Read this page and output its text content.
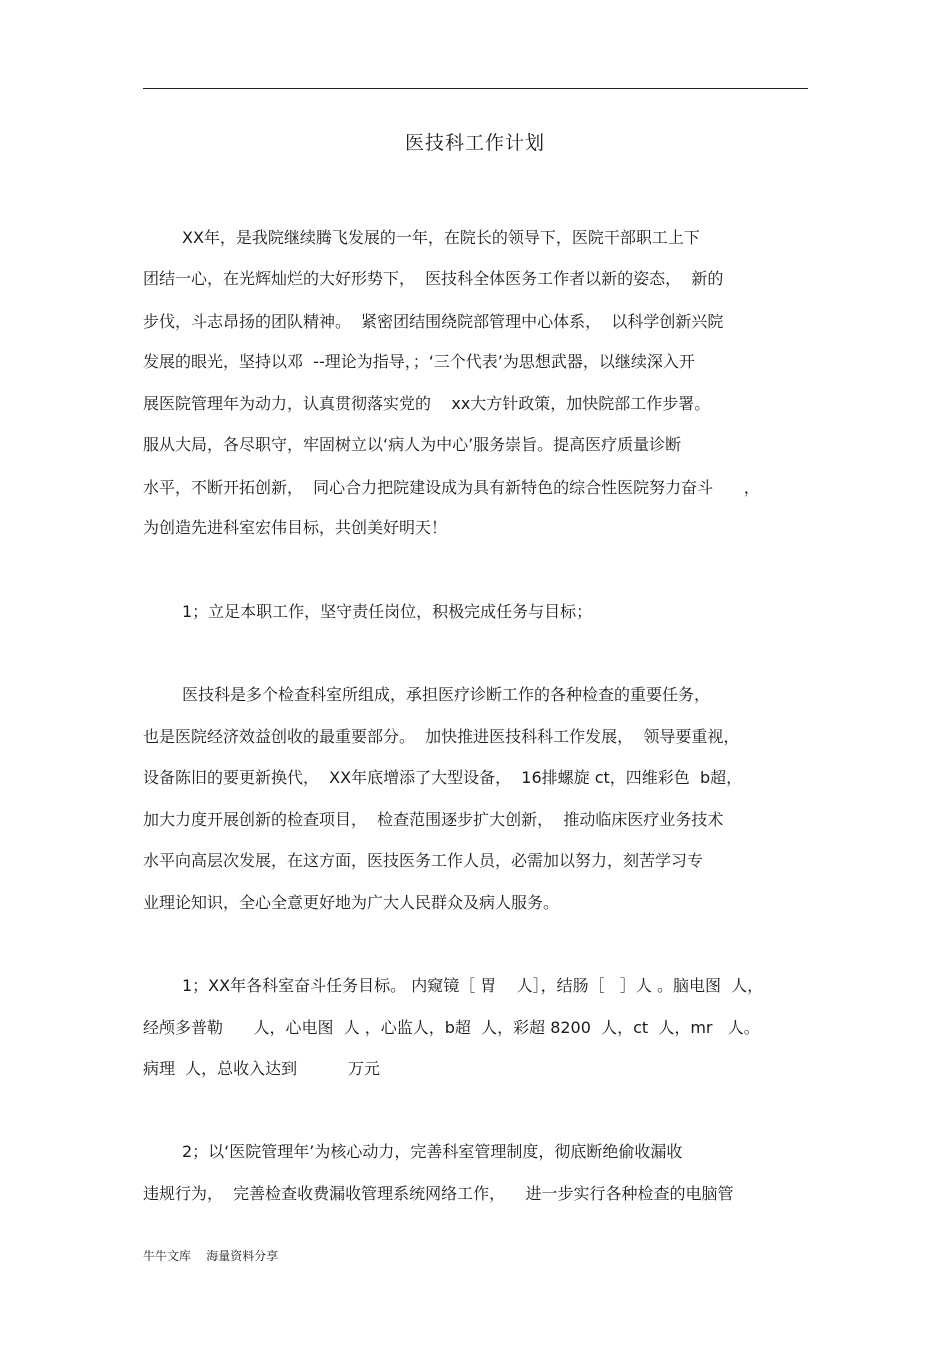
医技科工作计划
XX年，是我院继续腾飞发展的一年，在院长的领导下，医院干部职工上下
团结一心，在光辉灿烂的大好形势下，  医技科全体医务工作者以新的姿态，  新的
步伐，斗志昂扬的团队精神。  紧密团结围绕院部管理中心体系，  以科学创新兴院
发展的眼光，坚持以邓  --理论为指导，；‘三个代表’为思想武器，以继续深入开
展医院管理年为动力，认真贯彻落实党的    xx大方针政策，加快院部工作步署。
服从大局，各尽职守，牢固树立以‘病人为中心’服务崇旨。提高医疗质量诊断
水平，不断开拓创新，  同心合力把院建设成为具有新特色的综合性医院努力奋斗      ，
为创造先进科室宏伟目标，共创美好明天！
1；立足本职工作，坚守责任岗位，积极完成任务与目标；
医技科是多个检查科室所组成，承担医疗诊断工作的各种检查的重要任务，
也是医院经济效益创收的最重要部分。  加快推进医技科科工作发展，  领导要重视，
设备陈旧的要更新换代，  XX年底增添了大型设备，  16排螺旋 ct，四维彩色  b超，
加大力度开展创新的检查项目，  检查范围逐步扩大创新，  推动临床医疗业务技术
水平向高层次发展，在这方面，医技医务工作人员，必需加以努力，刻苦学习专
业理论知识，全心全意更好地为广大人民群众及病人服务。
1；XX年各科室奋斗任务目标。 内窥镜［ 胃    人］，结肠［   ］人 。脑电图  人，
经颅多普勒      人，心电图  人 ，心监人，b超  人，彩超 8200  人，ct  人，mr   人。
病理  人，总收入达到          万元
2；以‘医院管理年’为核心动力，完善科室管理制度，彻底断绝偷收漏收
违规行为，  完善检查收费漏收管理系统网络工作，    进一步实行各种检查的电脑管
牛牛文库    海量资料分享
